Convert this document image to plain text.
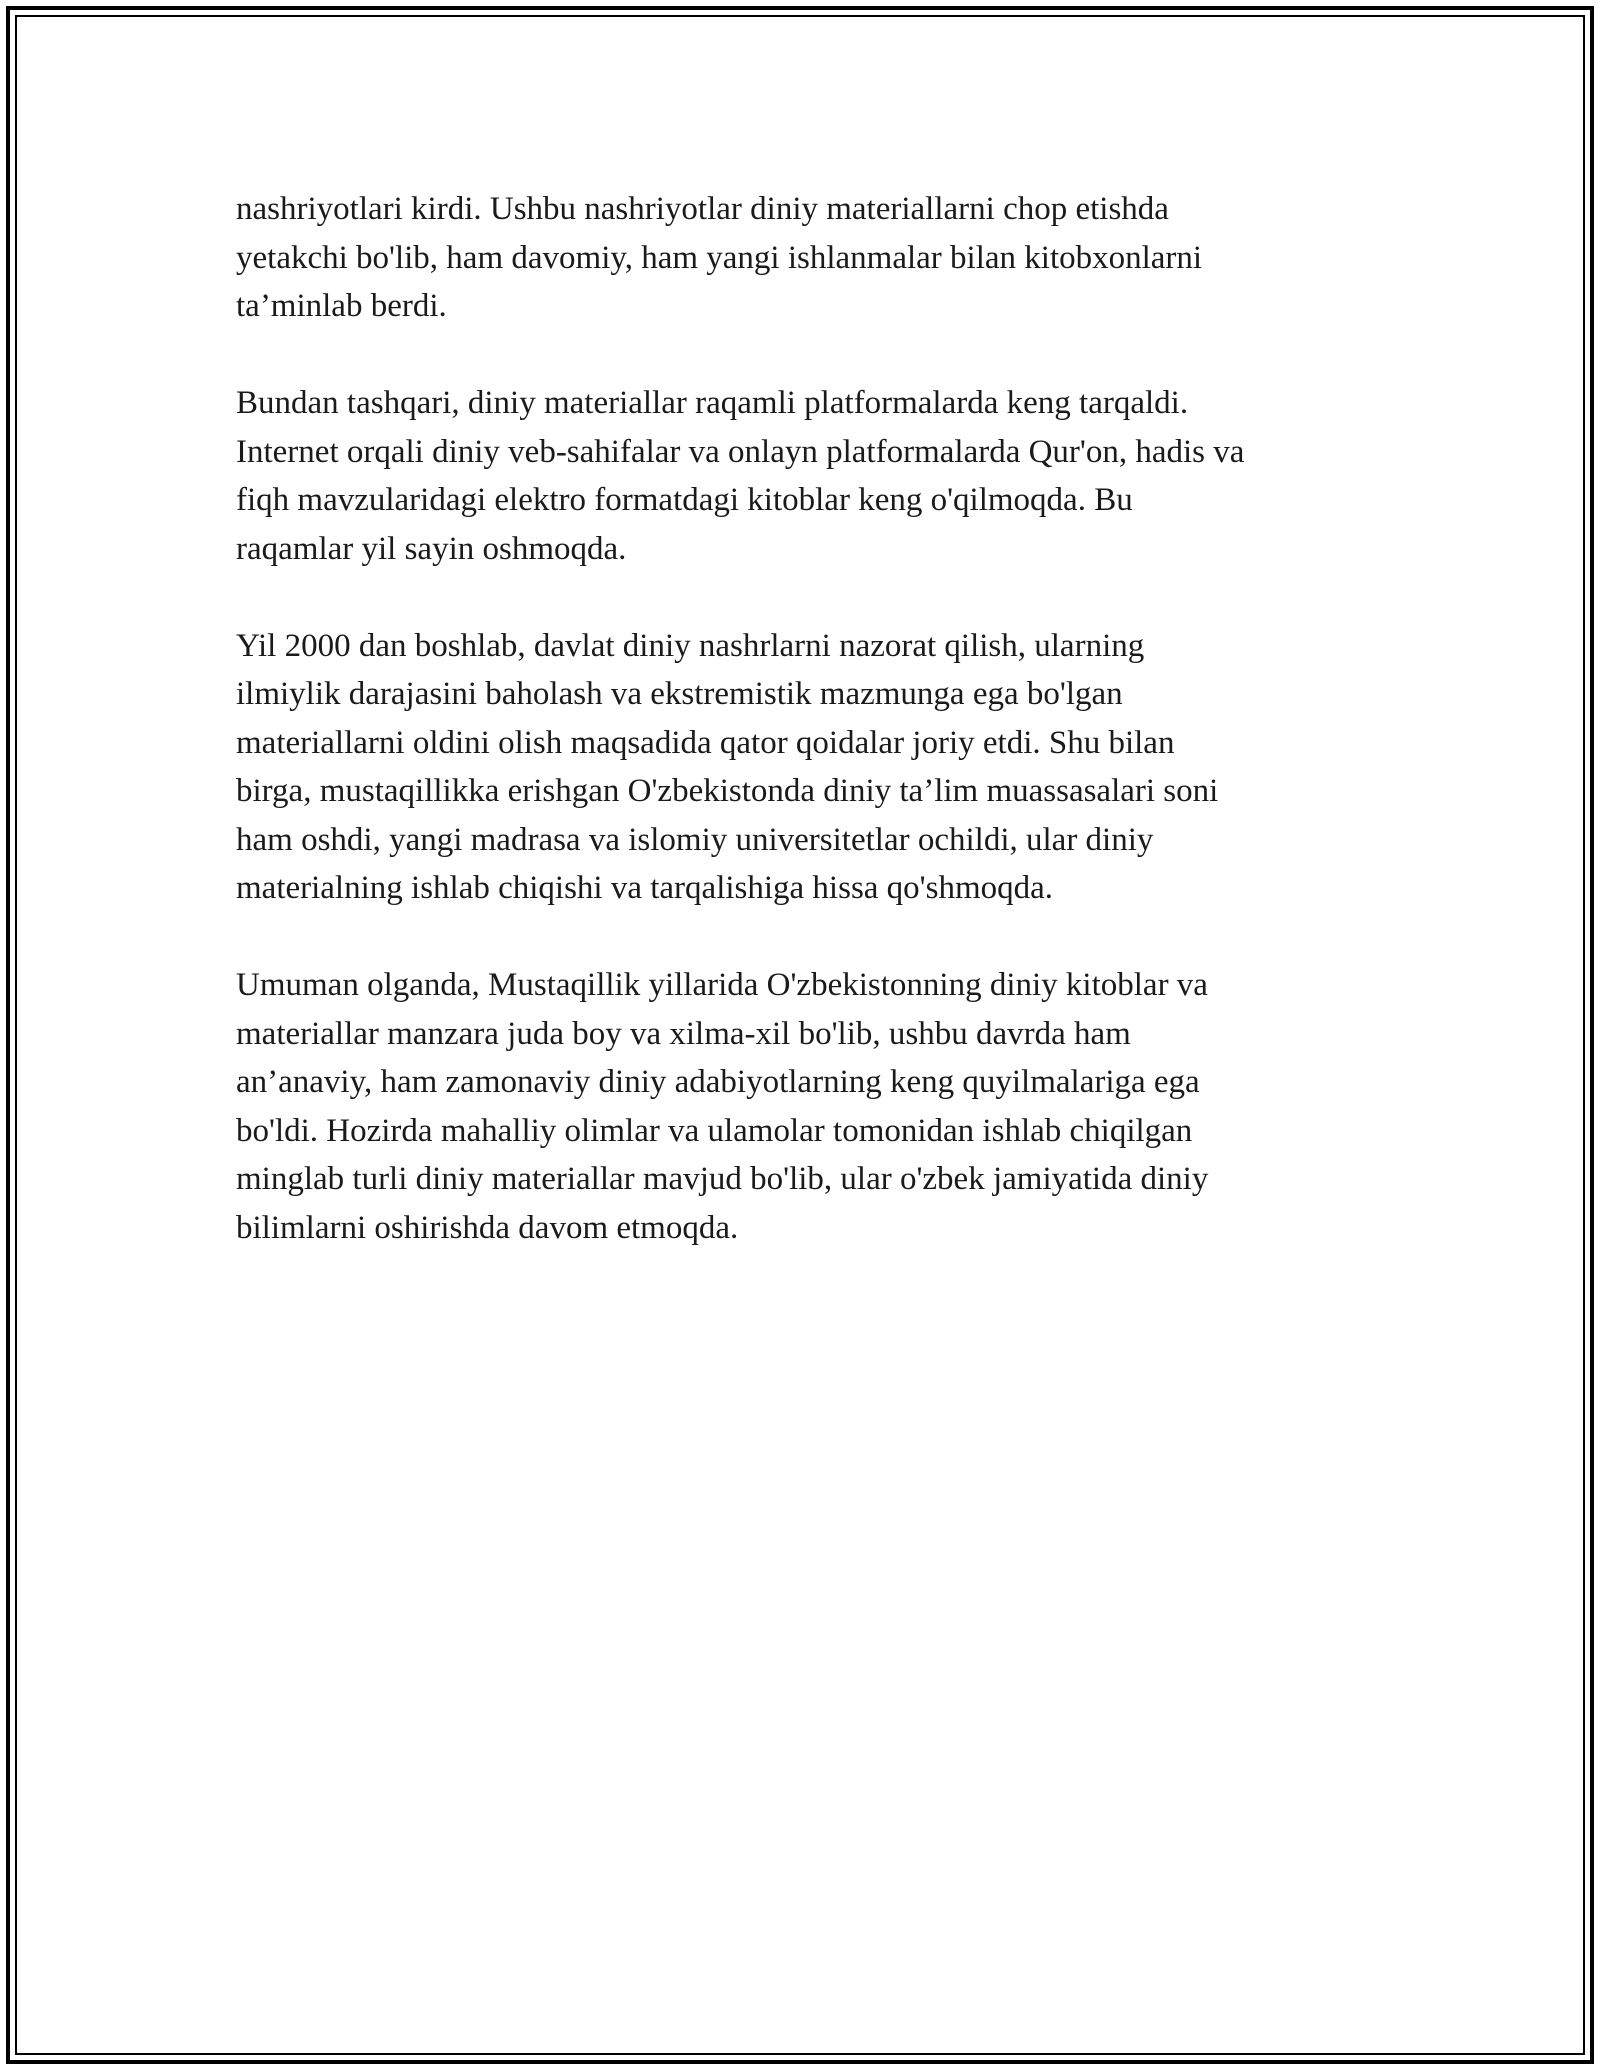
nashriyotlari kirdi. Ushbu nashriyotlar diniy materiallarni chop etishda
yetakchi bo'lib, ham davomiy, ham yangi ishlanmalar bilan kitobxonlarni
ta’minlab berdi.

Bundan tashqari, diniy materiallar raqamli platformalarda keng tarqaldi.
Internet orqali diniy veb-sahifalar va onlayn platformalarda Qur'on, hadis va
fiqh mavzularidagi elektro formatdagi kitoblar keng o'qilmoqda. Bu
raqamlar yil sayin oshmoqda.

Yil 2000 dan boshlab, davlat diniy nashrlarni nazorat qilish, ularning
ilmiylik darajasini baholash va ekstremistik mazmunga ega bo'lgan
materiallarni oldini olish maqsadida qator qoidalar joriy etdi. Shu bilan
birga, mustaqillikka erishgan O'zbekistonda diniy ta’lim muassasalari soni
ham oshdi, yangi madrasa va islomiy universitetlar ochildi, ular diniy
materialning ishlab chiqishi va tarqalishiga hissa qo'shmoqda.

Umuman olganda, Mustaqillik yillarida O'zbekistonning diniy kitoblar va
materiallar manzara juda boy va xilma-xil bo'lib, ushbu davrda ham
an’anaviy, ham zamonaviy diniy adabiyotlarning keng quyilmalariga ega
bo'ldi. Hozirda mahalliy olimlar va ulamolar tomonidan ishlab chiqilgan
minglab turli diniy materiallar mavjud bo'lib, ular o'zbek jamiyatida diniy
bilimlarni oshirishda davom etmoqda.
